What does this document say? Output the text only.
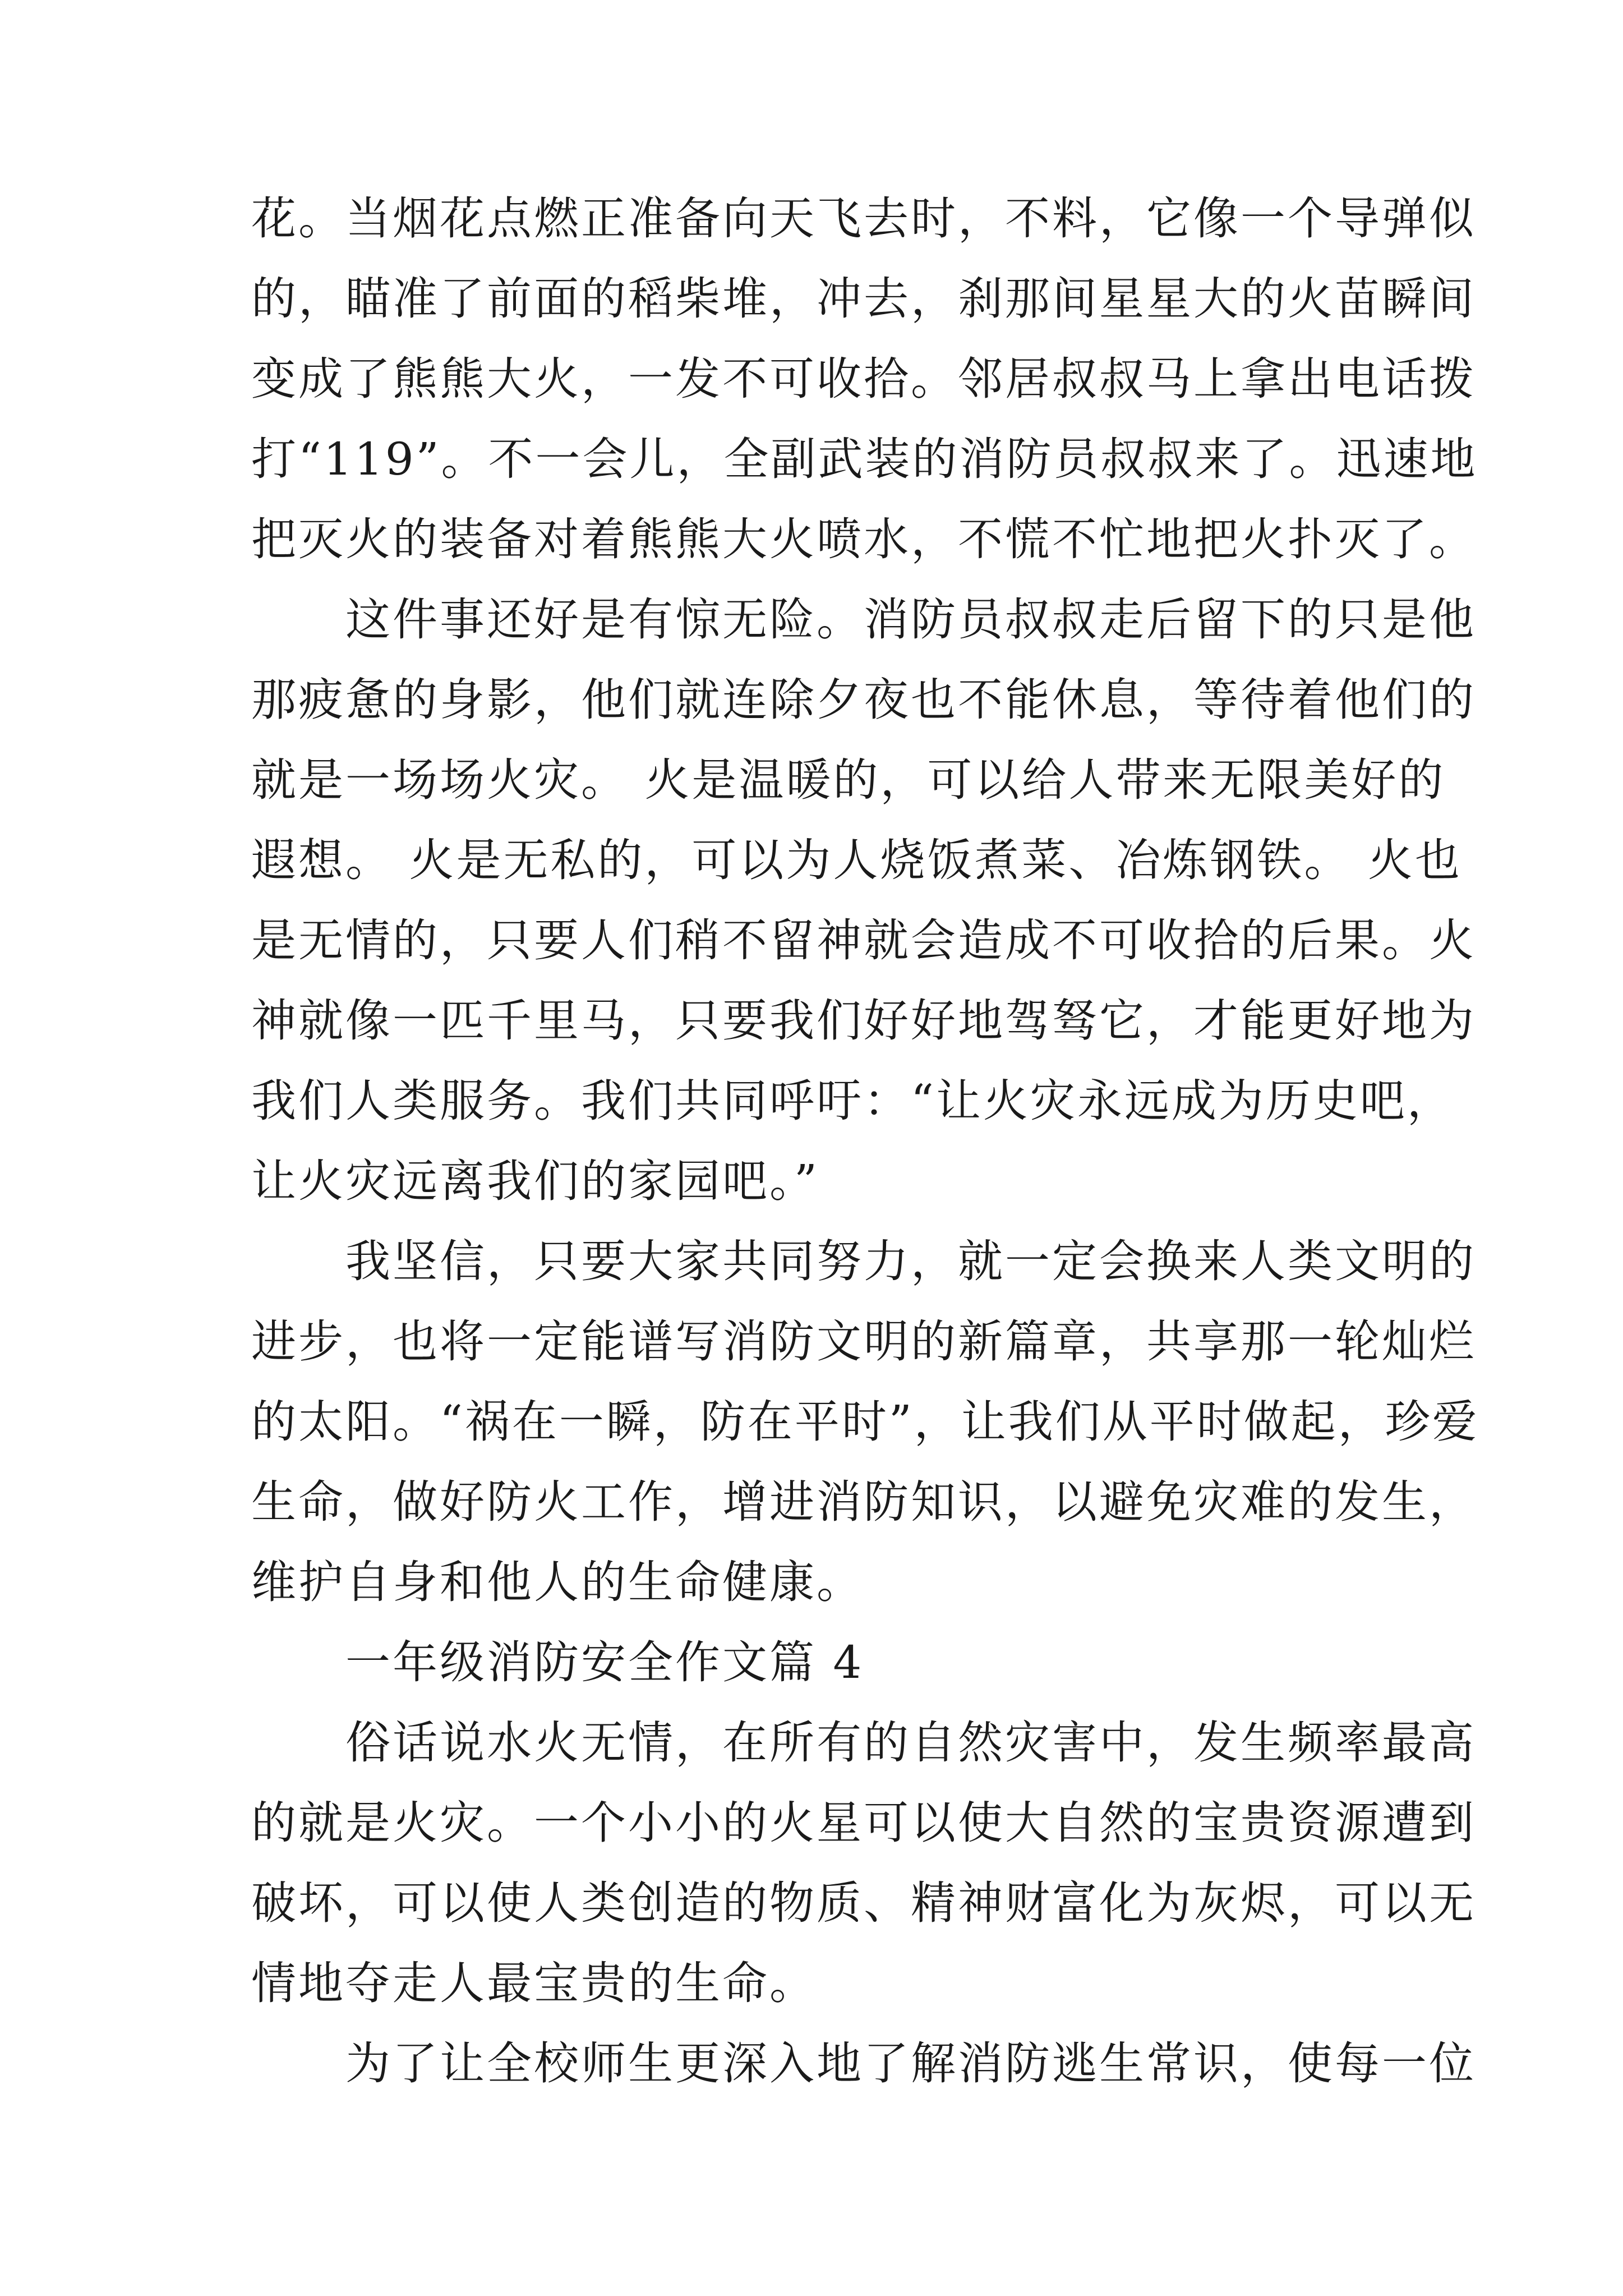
花。当烟花点燃正准备向天飞去时，不料，它像一个导弹似
的，瞄准了前面的稻柴堆，冲去，刹那间星星大的火苗瞬间
变成了熊熊大火，一发不可收拾。邻居叔叔马上拿出电话拨
打“119”。不一会儿，全副武装的消防员叔叔来了。迅速地
把灭火的装备对着熊熊大火喷水，不慌不忙地把火扑灭了。
　　这件事还好是有惊无险。消防员叔叔走后留下的只是他
那疲惫的身影，他们就连除夕夜也不能休息，等待着他们的
就是一场场火灾。 火是温暖的，可以给人带来无限美好的
遐想。 火是无私的，可以为人烧饭煮菜、冶炼钢铁。 火也
是无情的，只要人们稍不留神就会造成不可收拾的后果。火
神就像一匹千里马，只要我们好好地驾驽它，才能更好地为
我们人类服务。我们共同呼吁：“让火灾永远成为历史吧，
让火灾远离我们的家园吧。”
　　我坚信，只要大家共同努力，就一定会换来人类文明的
进步，也将一定能谱写消防文明的新篇章，共享那一轮灿烂
的太阳。“祸在一瞬，防在平时”，让我们从平时做起，珍爱
生命，做好防火工作，增进消防知识，以避免灾难的发生，
维护自身和他人的生命健康。
　　一年级消防安全作文篇 4
　　俗话说水火无情，在所有的自然灾害中，发生频率最高
的就是火灾。一个小小的火星可以使大自然的宝贵资源遭到
破坏，可以使人类创造的物质、精神财富化为灰烬，可以无
情地夺走人最宝贵的生命。
　　为了让全校师生更深入地了解消防逃生常识，使每一位
